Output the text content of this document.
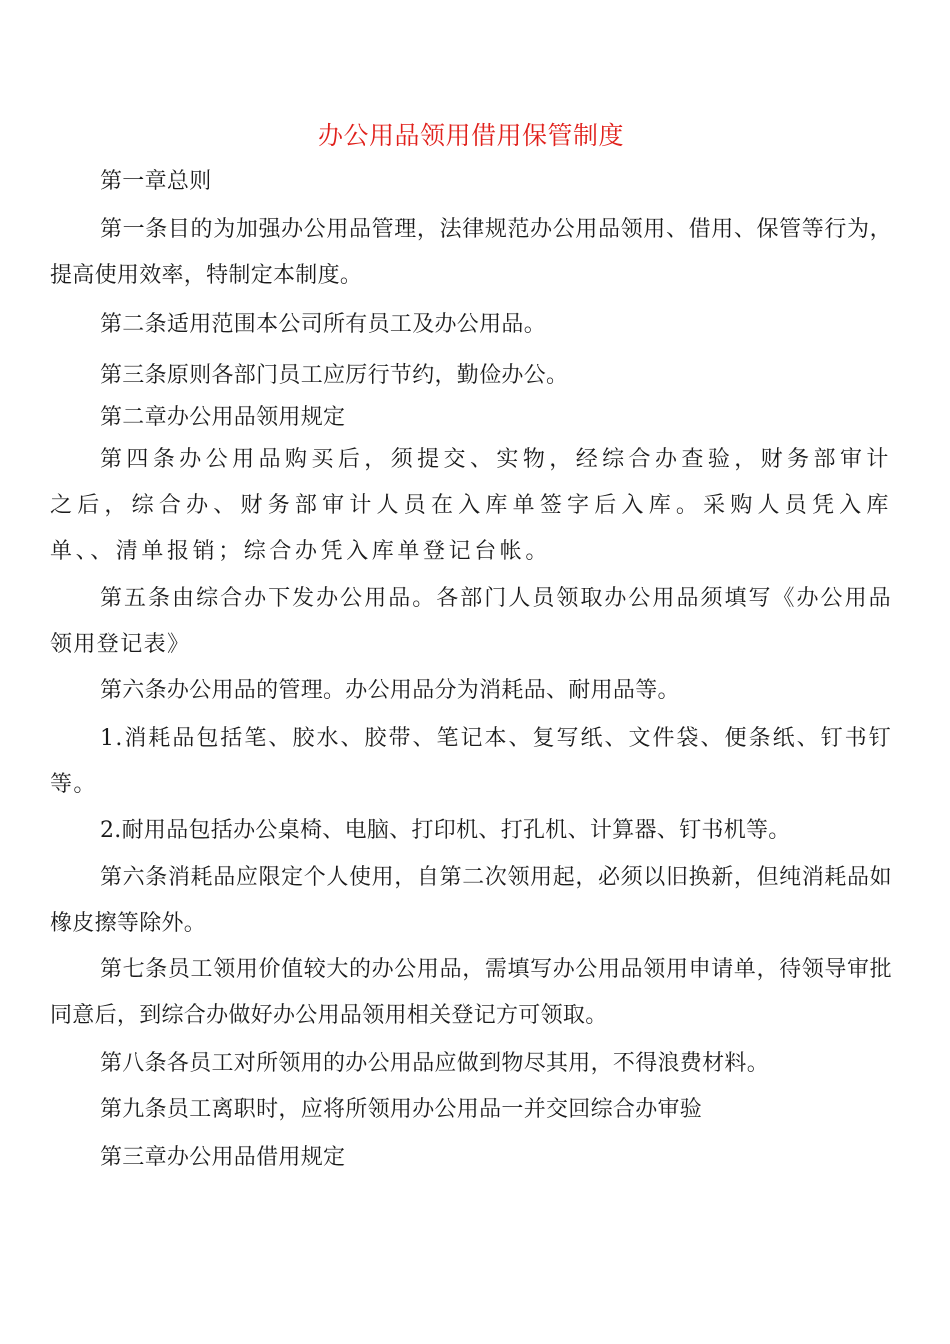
办公用品领用借用保管制度

第一章总则

第一条目的为加强办公用品管理，法律规范办公用品领用、借用、保管等行为，提高使用效率，特制定本制度。

第二条适用范围本公司所有员工及办公用品。

第三条原则各部门员工应厉行节约，勤俭办公。

第二章办公用品领用规定

第四条办公用品购买后，须提交、实物，经综合办查验，财务部审计之后，综合办、财务部审计人员在入库单签字后入库。采购人员凭入库单、、清单报销；综合办凭入库单登记台帐。

第五条由综合办下发办公用品。各部门人员领取办公用品须填写《办公用品领用登记表》

第六条办公用品的管理。办公用品分为消耗品、耐用品等。

1.消耗品包括笔、胶水、胶带、笔记本、复写纸、文件袋、便条纸、钉书钉等。

2.耐用品包括办公桌椅、电脑、打印机、打孔机、计算器、钉书机等。

第六条消耗品应限定个人使用，自第二次领用起，必须以旧换新，但纯消耗品如橡皮擦等除外。

第七条员工领用价值较大的办公用品，需填写办公用品领用申请单，待领导审批同意后，到综合办做好办公用品领用相关登记方可领取。

第八条各员工对所领用的办公用品应做到物尽其用，不得浪费材料。

第九条员工离职时，应将所领用办公用品一并交回综合办审验

第三章办公用品借用规定
